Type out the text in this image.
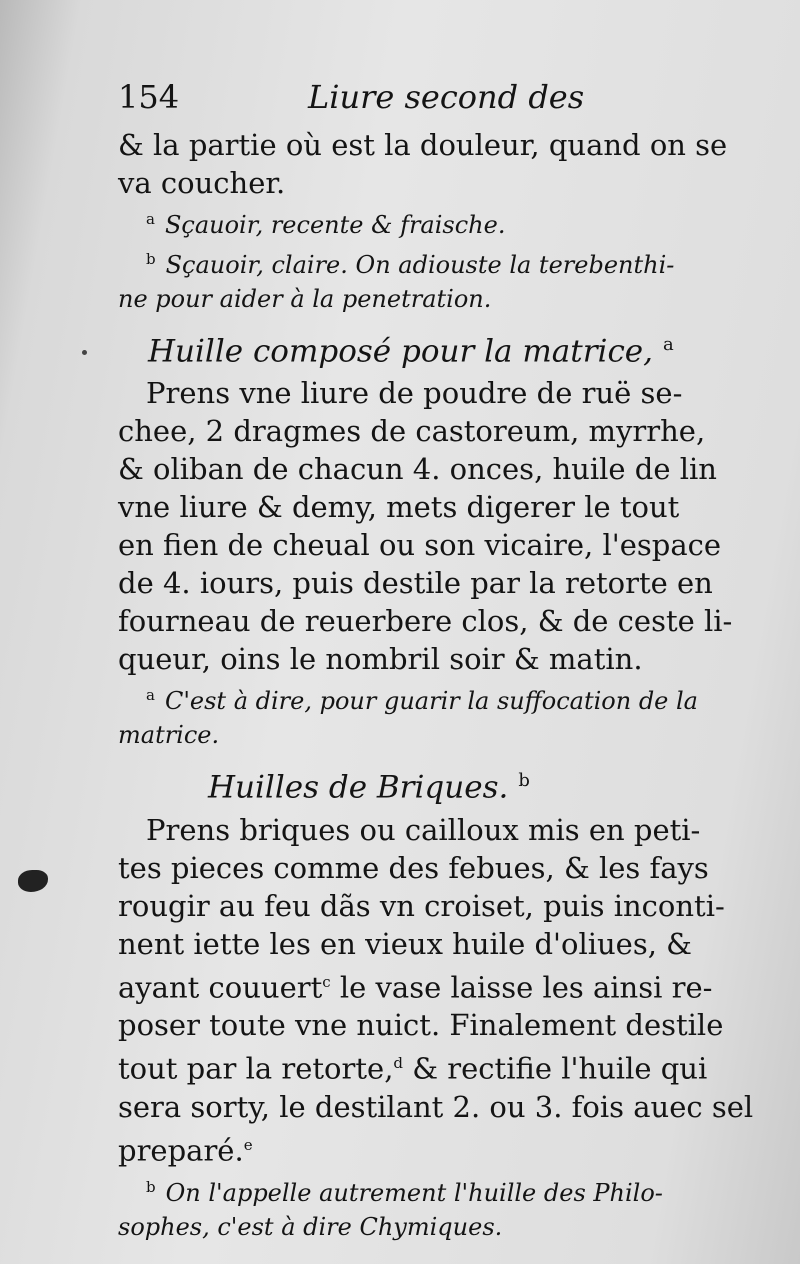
154	Liure second des
& la partie où est la douleur, quand on se
va coucher.
$^a$ Sçauoir, recente & fraische.
$^b$ Sçauoir, claire. On adiouste la terebenthi-
ne pour aider à la penetration.
Huille composé pour la matrice, $^a$
Prens vne liure de poudre de ruë se-
chee, 2 dragmes de castoreum, myrrhe,
& oliban de chacun 4. onces, huile de lin
vne liure & demy, mets digerer le tout
en fien de cheual ou son vicaire, l'espace
de 4. iours, puis destile par la retorte en
fourneau de reuerbere clos, & de ceste li-
queur, oins le nombril soir & matin.
$^a$ C'est à dire, pour guarir la suffocation de la
matrice.
Huilles de Briques. $^b$
Prens briques ou cailloux mis en peti-
tes pieces comme des febues, & les fays
rougir au feu dãs vn croiset, puis inconti-
nent iette les en vieux huile d'oliues, &
ayant couuert$^c$ le vase laisse les ainsi re-
poser toute vne nuict. Finalement destile
tout par la retorte,$^d$ & rectifie l'huile qui
sera sorty, le destilant 2. ou 3. fois auec sel
preparé.$^e$
$^b$ On l'appelle autrement l'huille des Philo-
sophes, c'est à dire Chymiques.
